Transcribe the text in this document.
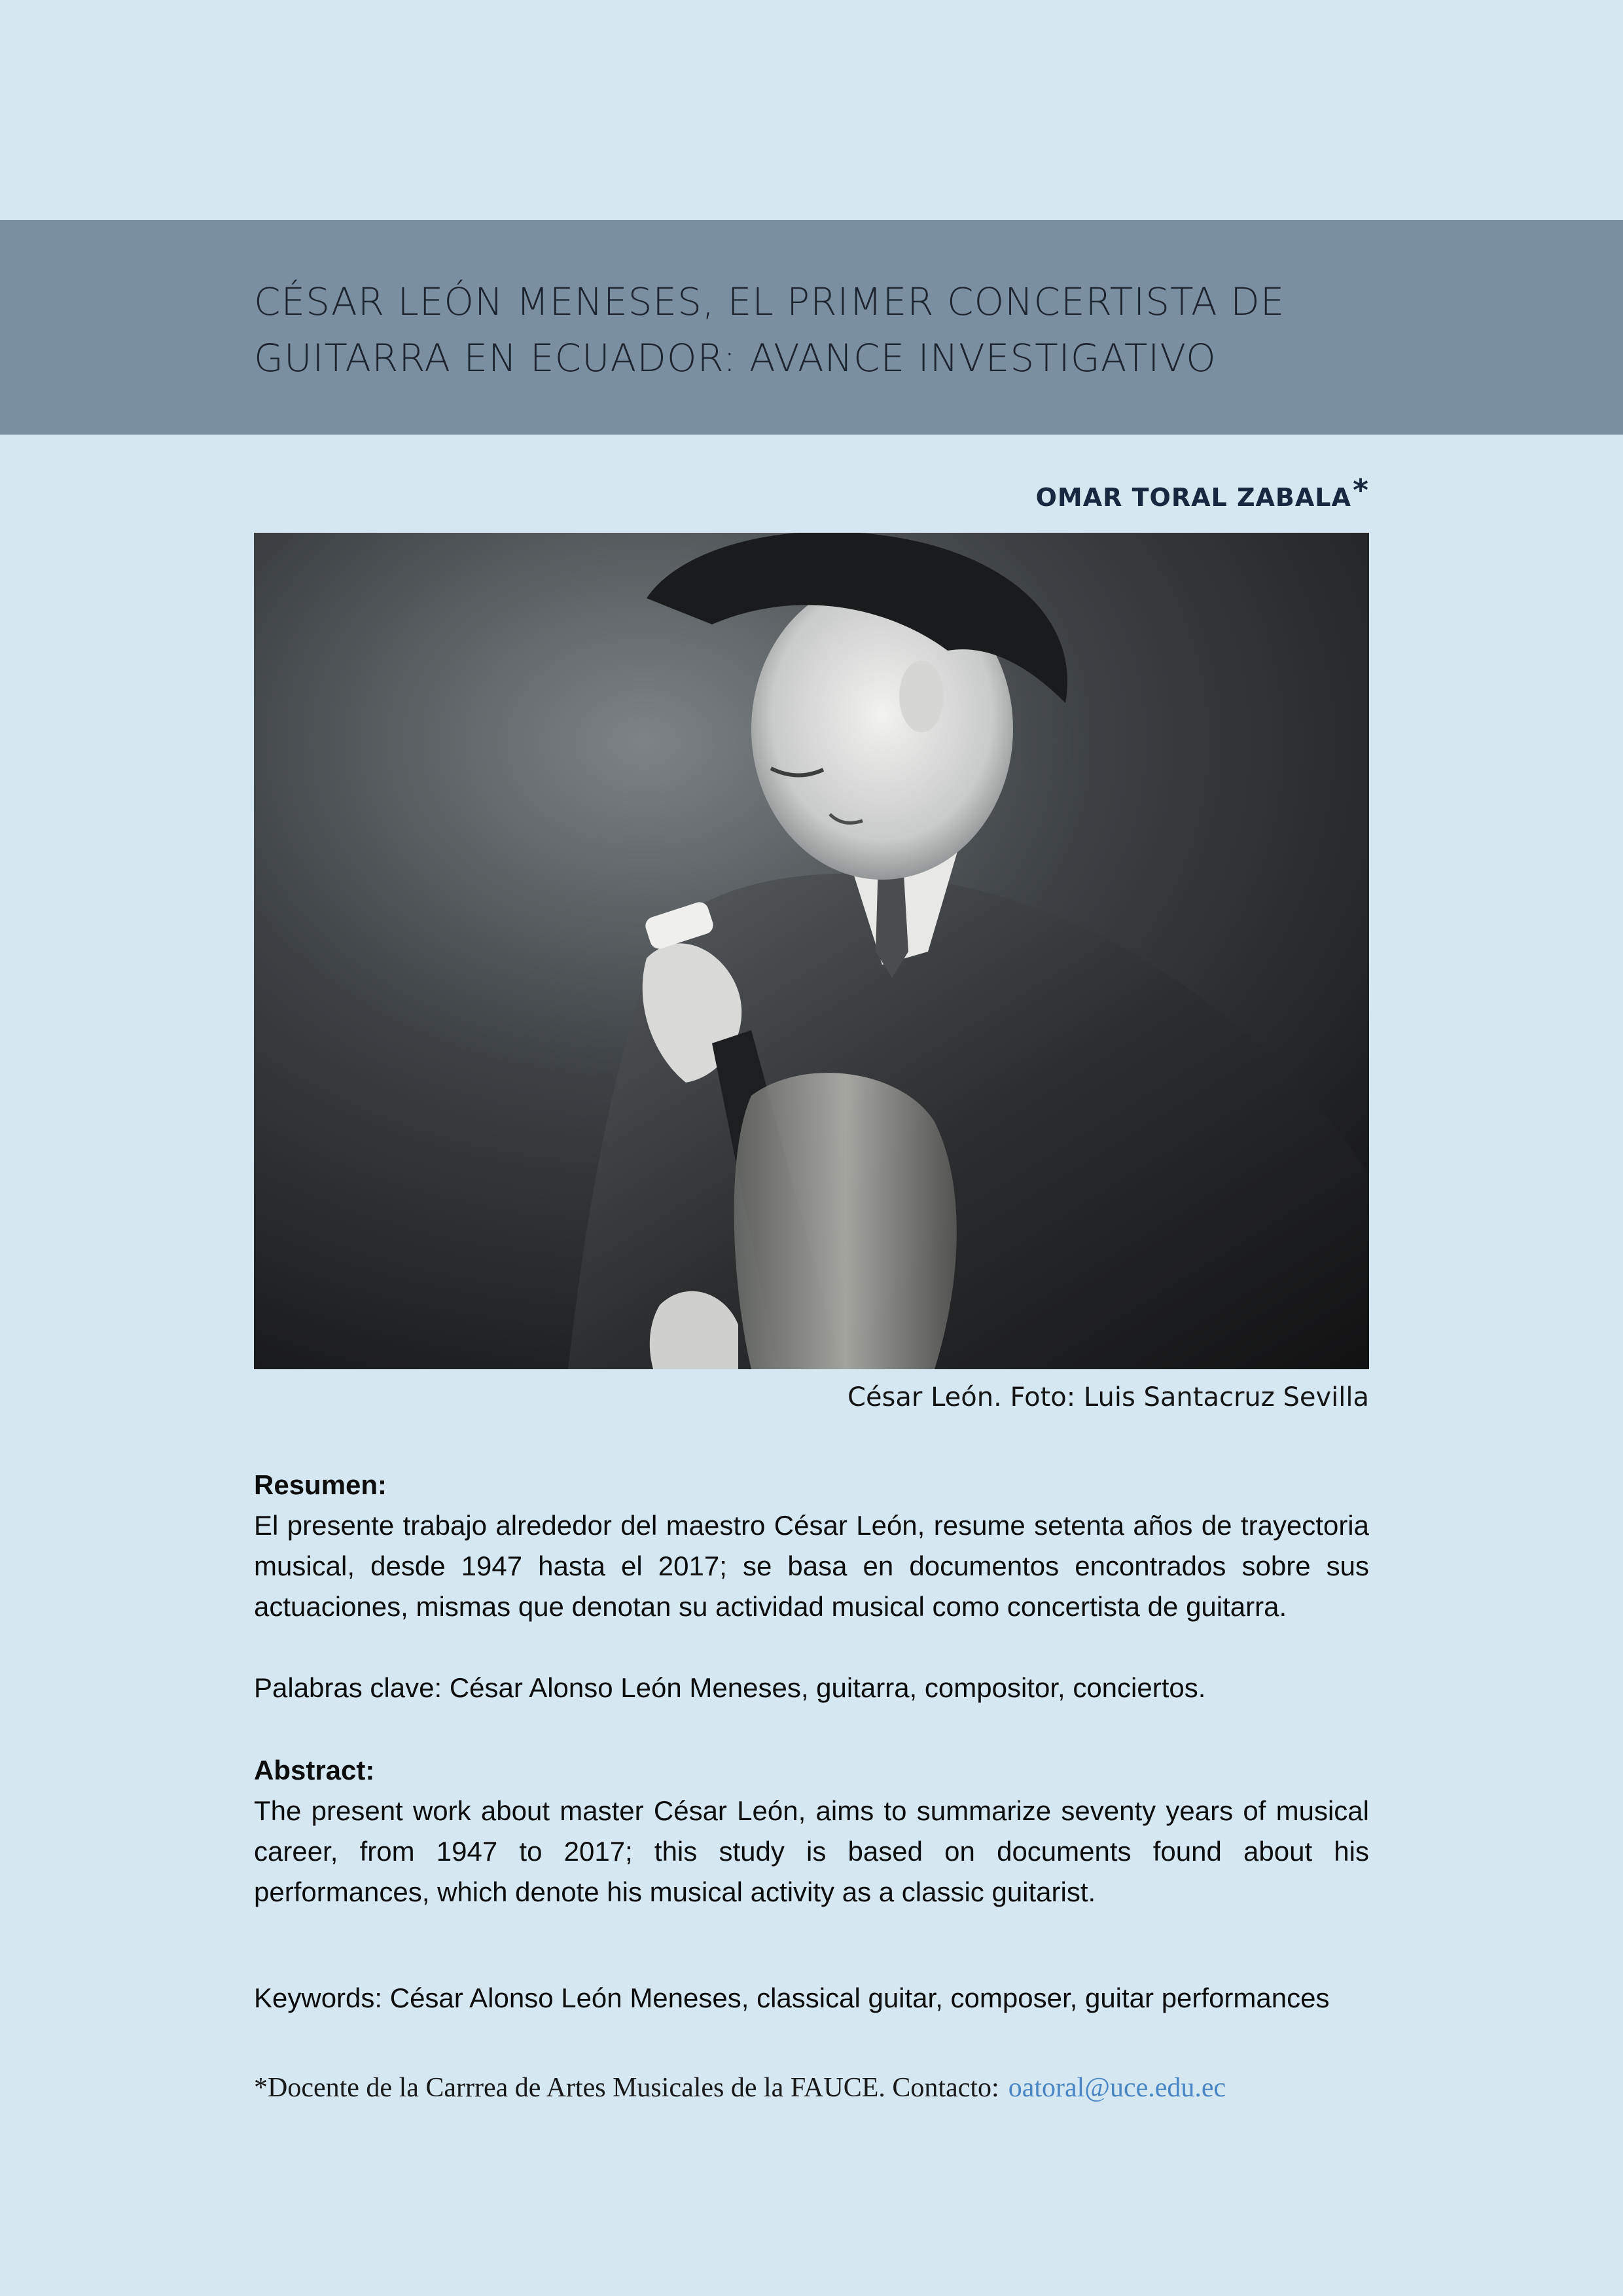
CÉSAR LEÓN MENESES, EL PRIMER CONCERTISTA DE
GUITARRA EN ECUADOR: AVANCE INVESTIGATIVO
OMAR TORAL ZABALA*
César León. Foto: Luis Santacruz Sevilla
Resumen:
El presente trabajo alrededor del maestro César León, resume setenta años de trayectoria musical, desde 1947 hasta el 2017; se basa en documentos encontrados sobre sus actuaciones, mismas que denotan su actividad musical como concertista de guitarra.
Palabras clave: César Alonso León Meneses, guitarra, compositor, conciertos.
Abstract:
The present work about master César León, aims to summarize seventy years of musical career, from 1947 to 2017; this study is based on documents found about his performances, which denote his musical activity as a classic guitarist.
Keywords: César Alonso León Meneses, classical guitar, composer, guitar performances
*Docente de la Carrrea de Artes Musicales de la FAUCE. Contacto: oatoral@uce.edu.ec
